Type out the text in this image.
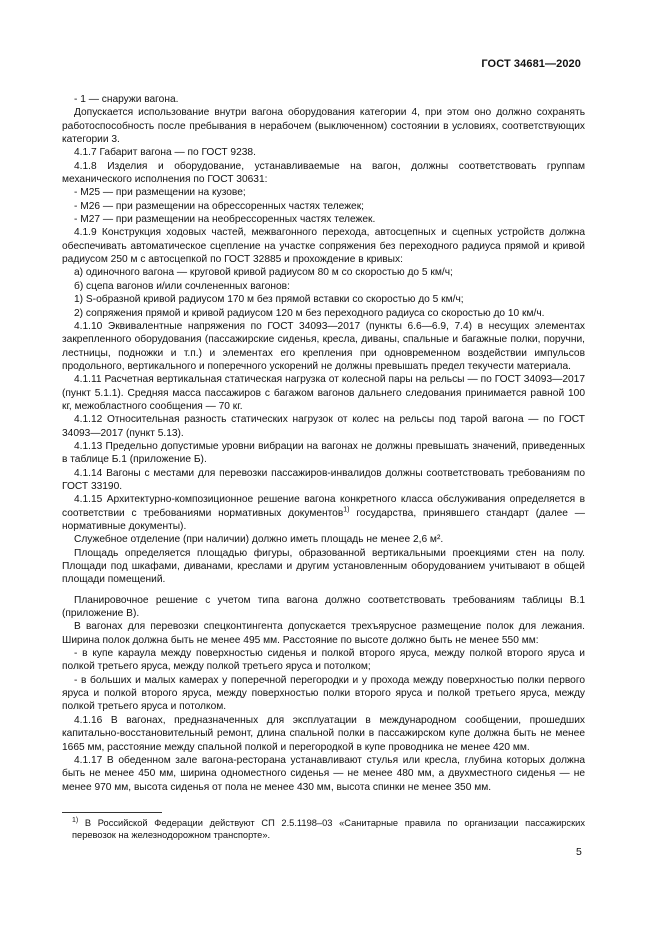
ГОСТ 34681—2020

- 1 — снаружи вагона.

Допускается использование внутри вагона оборудования категории 4, при этом оно должно сохранять работоспособность после пребывания в нерабочем (выключенном) состоянии в условиях, соответствующих категории 3.

4.1.7 Габарит вагона — по ГОСТ 9238.

4.1.8 Изделия и оборудование, устанавливаемые на вагон, должны соответствовать группам механического исполнения по ГОСТ 30631:

- М25 — при размещении на кузове;

- М26 — при размещении на обрессоренных частях тележек;

- М27 — при размещении на необрессоренных частях тележек.

4.1.9 Конструкция ходовых частей, межвагонного перехода, автосцепных и сцепных устройств должна обеспечивать автоматическое сцепление на участке сопряжения без переходного радиуса прямой и кривой радиусом 250 м с автосцепкой по ГОСТ 32885 и прохождение в кривых:

а) одиночного вагона — круговой кривой радиусом 80 м со скоростью до 5 км/ч;

б) сцепа вагонов и/или сочлененных вагонов:

1) S-образной кривой радиусом 170 м без прямой вставки со скоростью до 5 км/ч;

2) сопряжения прямой и кривой радиусом 120 м без переходного радиуса со скоростью до 10 км/ч.

4.1.10 Эквивалентные напряжения по ГОСТ 34093—2017 (пункты 6.6—6.9, 7.4) в несущих элементах закрепленного оборудования (пассажирские сиденья, кресла, диваны, спальные и багажные полки, поручни, лестницы, подножки и т.п.) и элементах его крепления при одновременном воздействии импульсов продольного, вертикального и поперечного ускорений не должны превышать предел текучести материала.

4.1.11 Расчетная вертикальная статическая нагрузка от колесной пары на рельсы — по ГОСТ 34093—2017 (пункт 5.1.1). Средняя масса пассажиров с багажом вагонов дальнего следования принимается равной 100 кг, межобластного сообщения — 70 кг.

4.1.12 Относительная разность статических нагрузок от колес на рельсы под тарой вагона — по ГОСТ 34093—2017 (пункт 5.13).

4.1.13 Предельно допустимые уровни вибрации на вагонах не должны превышать значений, приведенных в таблице Б.1 (приложение Б).

4.1.14 Вагоны с местами для перевозки пассажиров-инвалидов должны соответствовать требованиям по ГОСТ 33190.

4.1.15 Архитектурно-композиционное решение вагона конкретного класса обслуживания определяется в соответствии с требованиями нормативных документов$^{1)}$ государства, принявшего стандарт (далее — нормативные документы).

Служебное отделение (при наличии) должно иметь площадь не менее 2,6 м².

Площадь определяется площадью фигуры, образованной вертикальными проекциями стен на полу. Площади под шкафами, диванами, креслами и другим установленным оборудованием учитывают в общей площади помещений.

Планировочное решение с учетом типа вагона должно соответствовать требованиям таблицы В.1 (приложение В).

В вагонах для перевозки спецконтингента допускается трехъярусное размещение полок для лежания. Ширина полок должна быть не менее 495 мм. Расстояние по высоте должно быть не менее 550 мм:

- в купе караула между поверхностью сиденья и полкой второго яруса, между полкой второго яруса и полкой третьего яруса, между полкой третьего яруса и потолком;

- в больших и малых камерах у поперечной перегородки и у прохода между поверхностью полки первого яруса и полкой второго яруса, между поверхностью полки второго яруса и полкой третьего яруса, между полкой третьего яруса и потолком.

4.1.16 В вагонах, предназначенных для эксплуатации в международном сообщении, прошедших капитально-восстановительный ремонт, длина спальной полки в пассажирском купе должна быть не менее 1665 мм, расстояние между спальной полкой и перегородкой в купе проводника не менее 420 мм.

4.1.17 В обеденном зале вагона-ресторана устанавливают стулья или кресла, глубина которых должна быть не менее 450 мм, ширина одноместного сиденья — не менее 480 мм, а двухместного сиденья — не менее 970 мм, высота сиденья от пола не менее 430 мм, высота спинки не менее 350 мм.

$^{1)}$ В Российской Федерации действуют СП 2.5.1198–03 «Санитарные правила по организации пассажирских перевозок на железнодорожном транспорте».
5
